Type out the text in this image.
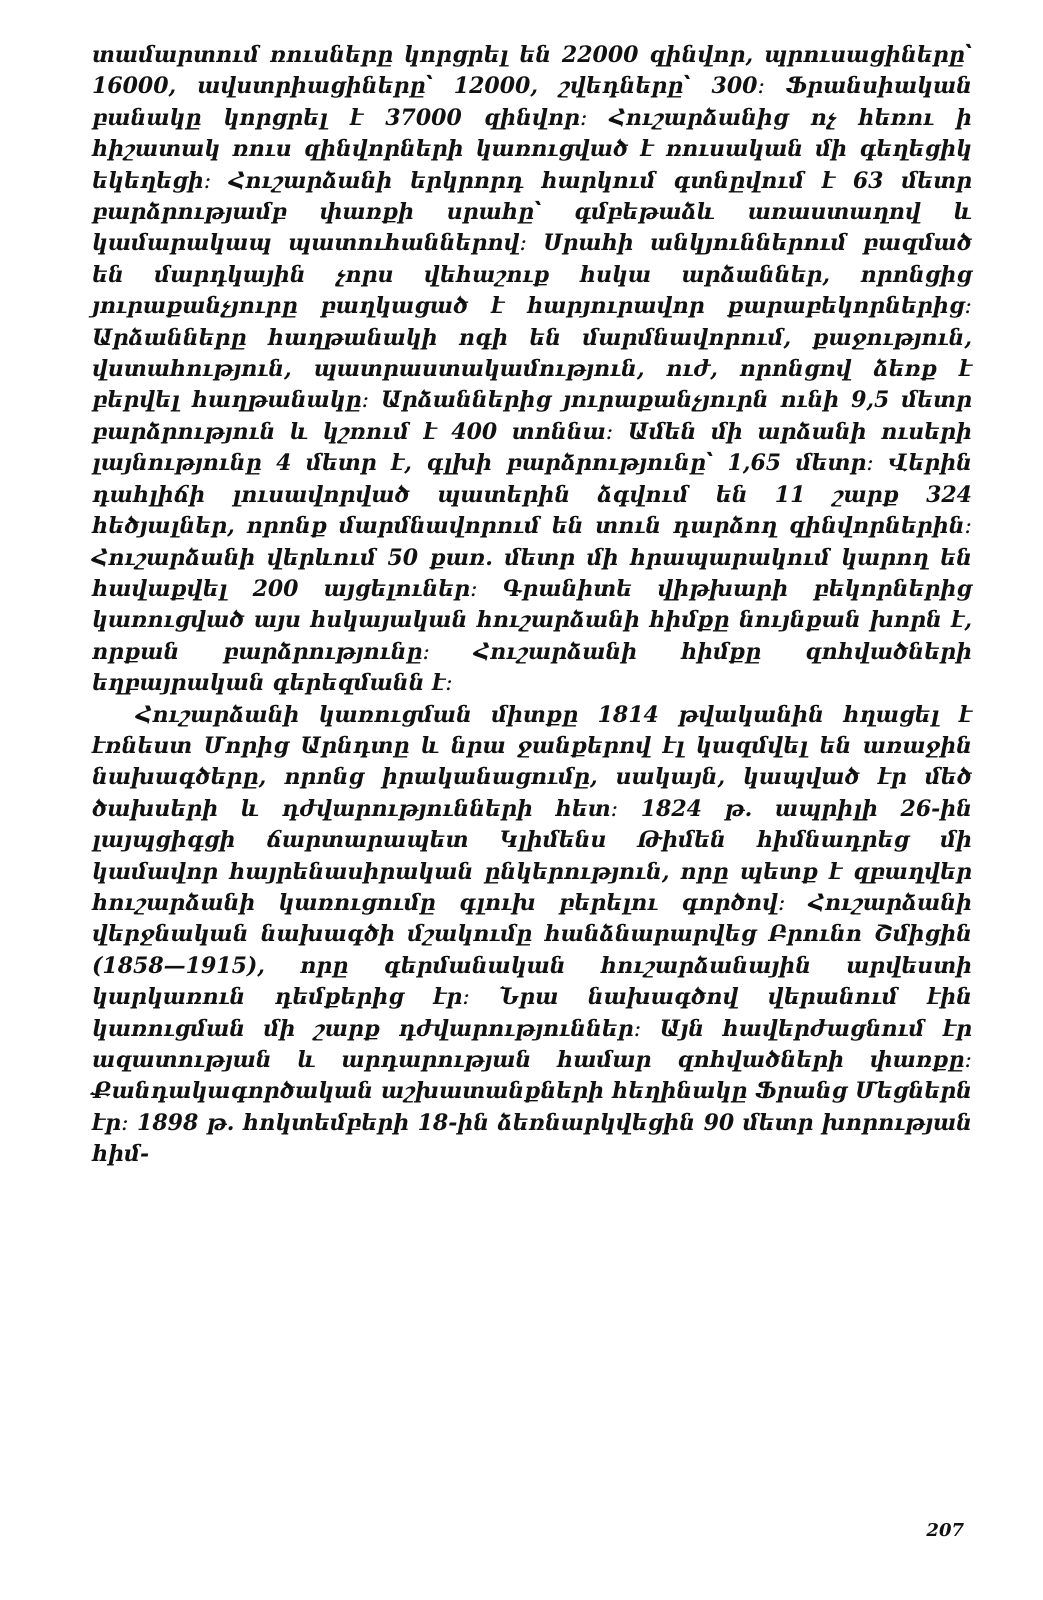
տամարտում ռուսները կորցրել են 22000 զինվոր, պրուսացիները՝ 16000, ավստրիացիները՝ 12000, շվեդները՝ 300։ Ֆրանսիական բանակը կորցրել է 37000 զինվոր։ Հուշարձանից ոչ հեռու ի հիշատակ ռուս զինվորների կառուցված է ռուսական մի գեղեցիկ եկեղեցի։ Հուշարձանի երկրորդ հարկում գտնըվում է 63 մետր բարձրությամբ փառքի սրահը՝ գմբեթաձև առաստաղով և կամարակապ պատուհաններով։ Սրահի անկյուններում բազմած են մարդկային չորս վեհաշուք հսկա արձաններ, որոնցից յուրաքանչյուրը բաղկացած է հարյուրավոր քարաբեկորներից։ Արձանները հաղթանակի ոգի են մարմնավորում, քաջություն, վստահություն, պատրաստակամություն, ուժ, որոնցով ձեռք է բերվել հաղթանակը։ Արձաններից յուրաքանչյուրն ունի 9,5 մետր բարձրություն և կշռում է 400 տոննա։ Ամեն մի արձանի ուսերի լայնությունը 4 մետր է, գլխի բարձրությունը՝ 1,65 մետր։ Վերին դահլիճի լուսավորված պատերին ձգվում են 11 շարք 324 հեծյալներ, որոնք մարմնավորում են տուն դարձող զինվորներին։ Հուշարձանի վերևում 50 քառ. մետր մի հրապարակում կարող են հավաքվել 200 այցելուներ։ Գրանիտե վիթխարի բեկորներից կառուցված այս հսկայական հուշարձանի հիմքը նույնքան խորն է, որքան բարձրությունը։ Հուշարձանի հիմքը զոհվածների եղբայրական գերեզմանն է։

Հուշարձանի կառուցման միտքը 1814 թվականին հղացել է էռնեստ Մորից Արնդտը և նրա ջանքերով էլ կազմվել են առաջին նախագծերը, որոնց իրականացումը, սակայն, կապված էր մեծ ծախսերի և դժվարությունների հետ։ 1824 թ. ապրիլի 26-ին լայպցիգցի ճարտարապետ Կլիմենս Թիմեն հիմնադրեց մի կամավոր հայրենասիրական ընկերություն, որը պետք է զբաղվեր հուշարձանի կառուցումը գլուխ բերելու գործով։ Հուշարձանի վերջնական նախագծի մշակումը հանձնարարվեց Բրունո Շմիցին (1858—1915), որը գերմանական հուշարձանային արվեստի կարկառուն դեմքերից էր։ Նրա նախագծով վերանում էին կառուցման մի շարք դժվարություններ։ Այն հավերժացնում էր ազատության և արդարության համար զոհվածների փառքը։ Քանդակագործական աշխատանքների հեղինակը Ֆրանց Մեցներն էր։ 1898 թ. հոկտեմբերի 18-ին ձեռնարկվեցին 90 մետր խորության հիմ-

207
